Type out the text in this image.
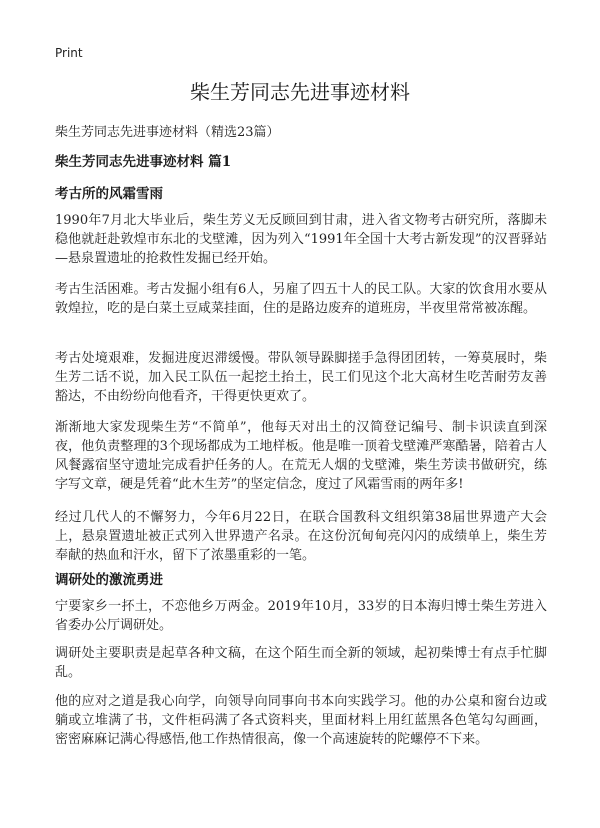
Print
柴生芳同志先进事迹材料
柴生芳同志先进事迹材料（精选23篇）
柴生芳同志先进事迹材料 篇1
考古所的风霜雪雨

1990年7月北大毕业后，柴生芳义无反顾回到甘肃，进入省文物考古研究所，落脚未稳他就赶赴敦煌市东北的戈壁滩，因为列入“1991年全国十大考古新发现”的汉晋驿站—悬泉置遗址的抢救性发掘已经开始。

考古生活困难。考古发掘小组有6人，另雇了四五十人的民工队。大家的饮食用水要从敦煌拉，吃的是白菜土豆咸菜挂面，住的是路边废弃的道班房，半夜里常常被冻醒。

考古处境艰难，发掘进度迟滞缓慢。带队领导跺脚搓手急得团团转，一筹莫展时，柴生芳二话不说，加入民工队伍一起挖土抬土，民工们见这个北大高材生吃苦耐劳友善豁达，不由纷纷向他看齐，干得更快更欢了。

渐渐地大家发现柴生芳“不简单”，他每天对出土的汉简登记编号、制卡识读直到深夜，他负责整理的3个现场都成为工地样板。他是唯一顶着戈壁滩严寒酷暑，陪着古人风餐露宿坚守遗址完成看护任务的人。在荒无人烟的戈壁滩，柴生芳读书做研究，练字写文章，硬是凭着“此木生芳”的坚定信念，度过了风霜雪雨的两年多!

经过几代人的不懈努力，今年6月22日，在联合国教科文组织第38届世界遗产大会上，悬泉置遗址被正式列入世界遗产名录。在这份沉甸甸亮闪闪的成绩单上，柴生芳奉献的热血和汗水，留下了浓墨重彩的一笔。

调研处的激流勇进

宁要家乡一抔土，不恋他乡万两金。2019年10月，33岁的日本海归博士柴生芳进入省委办公厅调研处。

调研处主要职责是起草各种文稿，在这个陌生而全新的领域，起初柴博士有点手忙脚乱。

他的应对之道是我心向学，向领导向同事向书本向实践学习。他的办公桌和窗台边或躺或立堆满了书，文件柜码满了各式资料夹，里面材料上用红蓝黑各色笔勾勾画画，密密麻麻记满心得感悟,他工作热情很高，像一个高速旋转的陀螺停不下来。
